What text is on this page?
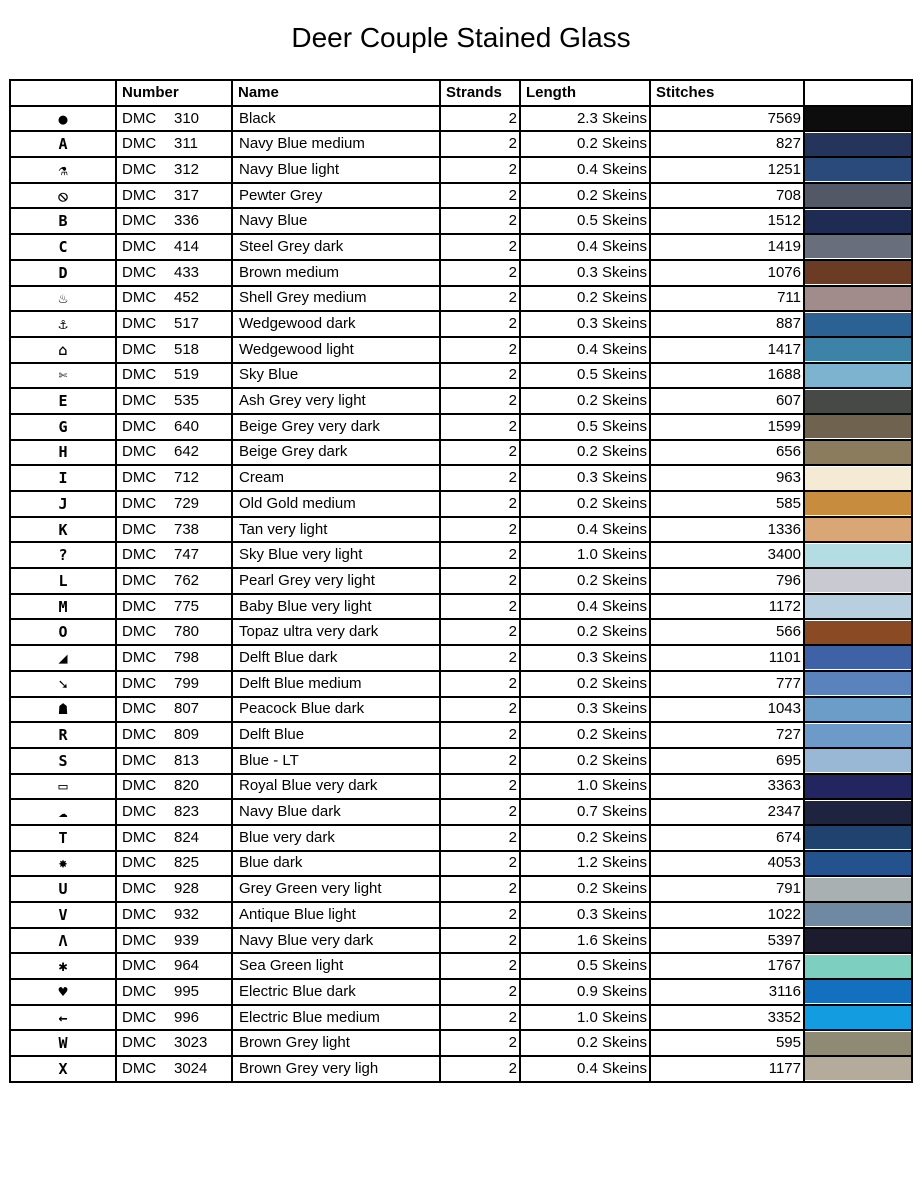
Deer Couple Stained Glass
	Number	Name	Strands	Length	Stitches	
●	DMC 310	Black	2	2.3 Skeins	7569	

A	DMC 311	Navy Blue medium	2	0.2 Skeins	827	

⚗	DMC 312	Navy Blue light	2	0.4 Skeins	1251	

⦸	DMC 317	Pewter Grey	2	0.2 Skeins	708	

B	DMC 336	Navy Blue	2	0.5 Skeins	1512	

C	DMC 414	Steel Grey dark	2	0.4 Skeins	1419	

D	DMC 433	Brown medium	2	0.3 Skeins	1076	

♨	DMC 452	Shell Grey medium	2	0.2 Skeins	711	

⚓	DMC 517	Wedgewood dark	2	0.3 Skeins	887	

⌂	DMC 518	Wedgewood light	2	0.4 Skeins	1417	

✄	DMC 519	Sky Blue	2	0.5 Skeins	1688	

E	DMC 535	Ash Grey very light	2	0.2 Skeins	607	

G	DMC 640	Beige Grey very dark	2	0.5 Skeins	1599	

H	DMC 642	Beige Grey dark	2	0.2 Skeins	656	

I	DMC 712	Cream	2	0.3 Skeins	963	

J	DMC 729	Old Gold medium	2	0.2 Skeins	585	

K	DMC 738	Tan very light	2	0.4 Skeins	1336	

?	DMC 747	Sky Blue very light	2	1.0 Skeins	3400	

L	DMC 762	Pearl Grey very light	2	0.2 Skeins	796	

M	DMC 775	Baby Blue very light	2	0.4 Skeins	1172	

O	DMC 780	Topaz ultra very dark	2	0.2 Skeins	566	

◢	DMC 798	Delft Blue dark	2	0.3 Skeins	1101	

➘	DMC 799	Delft Blue medium	2	0.2 Skeins	777	

☗	DMC 807	Peacock Blue dark	2	0.3 Skeins	1043	

R	DMC 809	Delft Blue	2	0.2 Skeins	727	

S	DMC 813	Blue - LT	2	0.2 Skeins	695	

▭	DMC 820	Royal Blue very dark	2	1.0 Skeins	3363	

☁	DMC 823	Navy Blue dark	2	0.7 Skeins	2347	

T	DMC 824	Blue very dark	2	0.2 Skeins	674	

✸	DMC 825	Blue dark	2	1.2 Skeins	4053	

U	DMC 928	Grey Green very light	2	0.2 Skeins	791	

V	DMC 932	Antique Blue light	2	0.3 Skeins	1022	

Λ	DMC 939	Navy Blue very dark	2	1.6 Skeins	5397	

✱	DMC 964	Sea Green light	2	0.5 Skeins	1767	

♥	DMC 995	Electric Blue dark	2	0.9 Skeins	3116	

←	DMC 996	Electric Blue medium	2	1.0 Skeins	3352	

W	DMC 3023	Brown Grey light	2	0.2 Skeins	595	

X	DMC 3024	Brown Grey very ligh	2	0.4 Skeins	1177	
